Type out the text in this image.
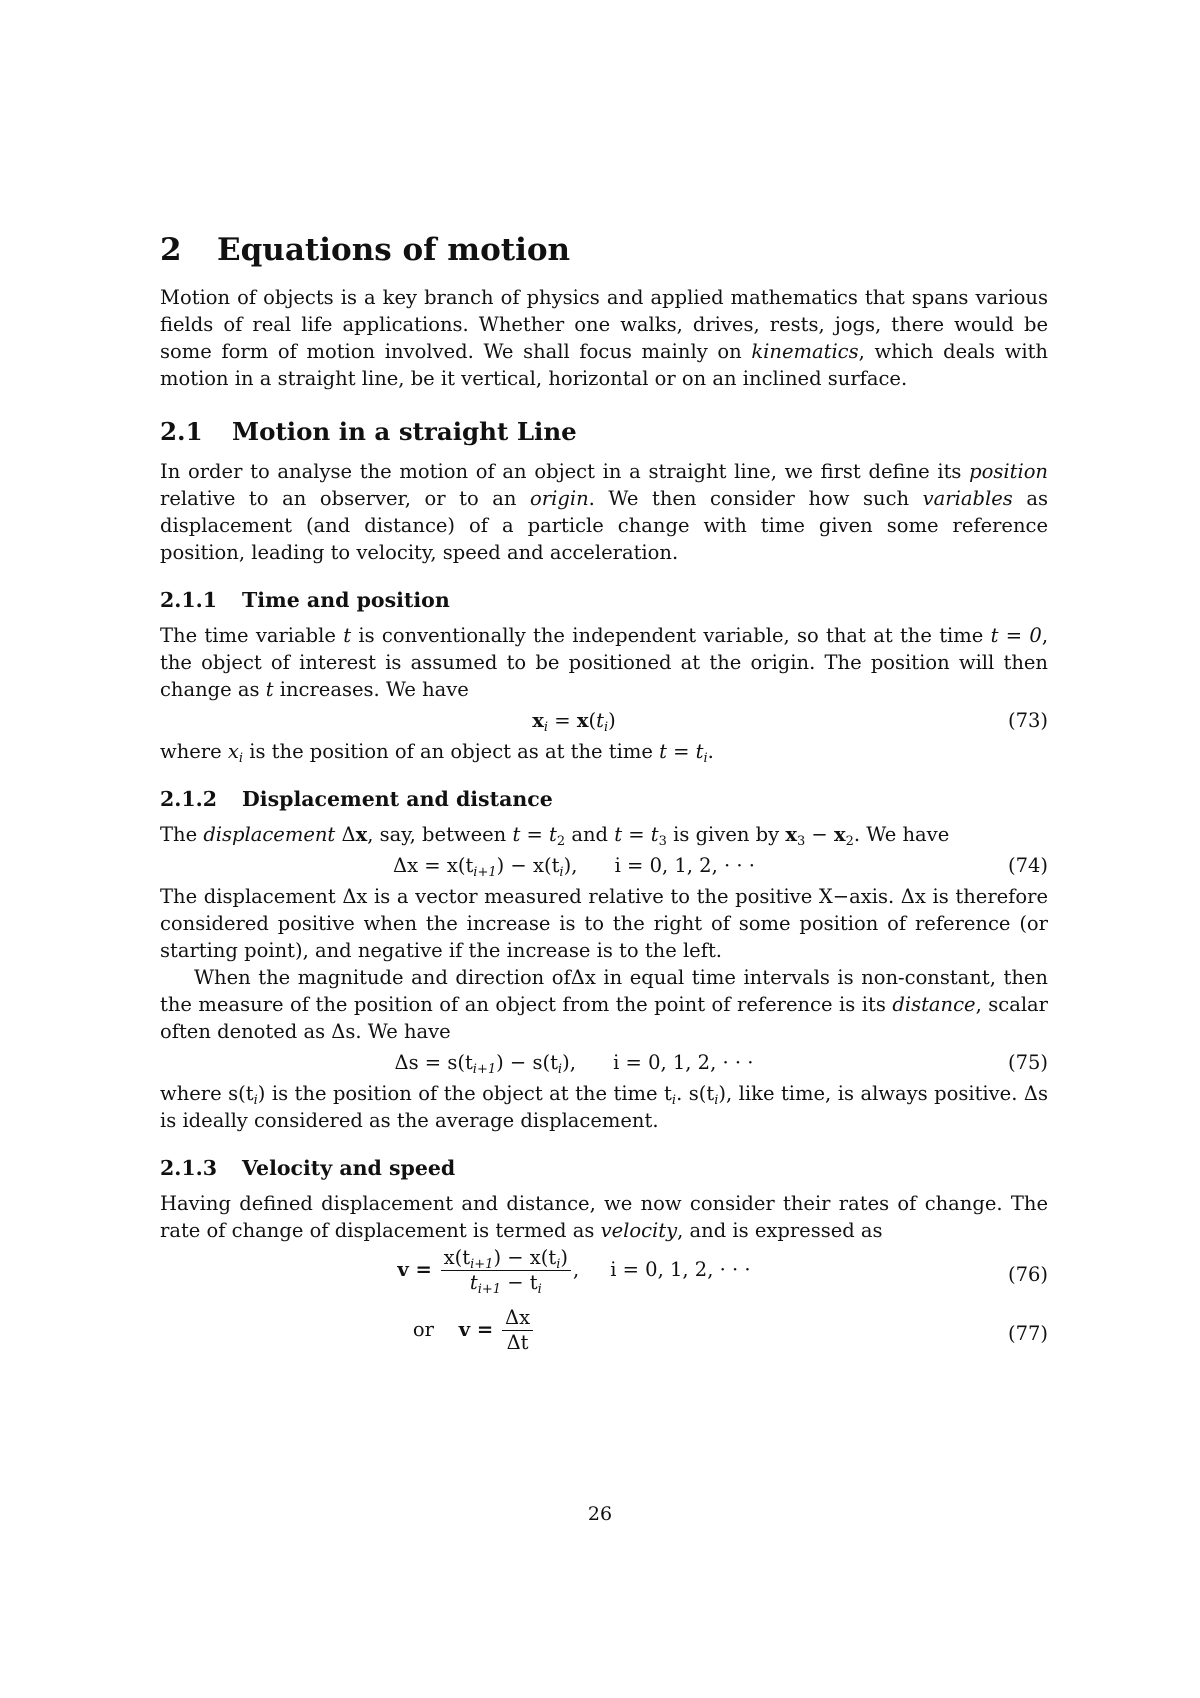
2 Equations of motion

Motion of objects is a key branch of physics and applied mathematics that spans various fields of real life applications. Whether one walks, drives, rests, jogs, there would be some form of motion involved. We shall focus mainly on kinematics, which deals with motion in a straight line, be it vertical, horizontal or on an inclined surface.

2.1 Motion in a straight Line

In order to analyse the motion of an object in a straight line, we first define its position relative to an observer, or to an origin. We then consider how such variables as displacement (and distance) of a particle change with time given some reference position, leading to velocity, speed and acceleration.

2.1.1 Time and position

The time variable t is conventionally the independent variable, so that at the time t = 0, the object of interest is assumed to be positioned at the origin. The position will then change as t increases. We have

$x_i = x(t_i)$	(73)

where $x_i$ is the position of an object as at the time $t = t_i$.

2.1.2 Displacement and distance

The displacement Δx, say, between $t = t_2$ and $t = t_3$ is given by $x_3 - x_2$. We have

$\Delta x = x(t_{i+1}) - x(t_i)$,      i = 0, 1, 2, · · ·	(74)

The displacement Δx is a vector measured relative to the positive X−axis. Δx is therefore considered positive when the increase is to the right of some position of reference (or starting point), and negative if the increase is to the left.

When the magnitude and direction ofΔx in equal time intervals is non-constant, then the measure of the position of an object from the point of reference is its distance, scalar often denoted as Δs. We have

$\Delta s = s(t_{i+1}) - s(t_i)$,      i = 0, 1, 2, · · ·	(75)

where $s(t_i)$ is the position of the object at the time $t_i$. $s(t_i)$, like time, is always positive. Δs is ideally considered as the average displacement.

2.1.3 Velocity and speed

Having defined displacement and distance, we now consider their rates of change. The rate of change of displacement is termed as velocity, and is expressed as

$v = \frac{x(t_{i+1}) - x(t_i)}{t_{i+1} - t_i}$ ,     i = 0, 1, 2, · · ·	(76)
or $v = \frac{\Delta x}{\Delta t}$	(77)
26
